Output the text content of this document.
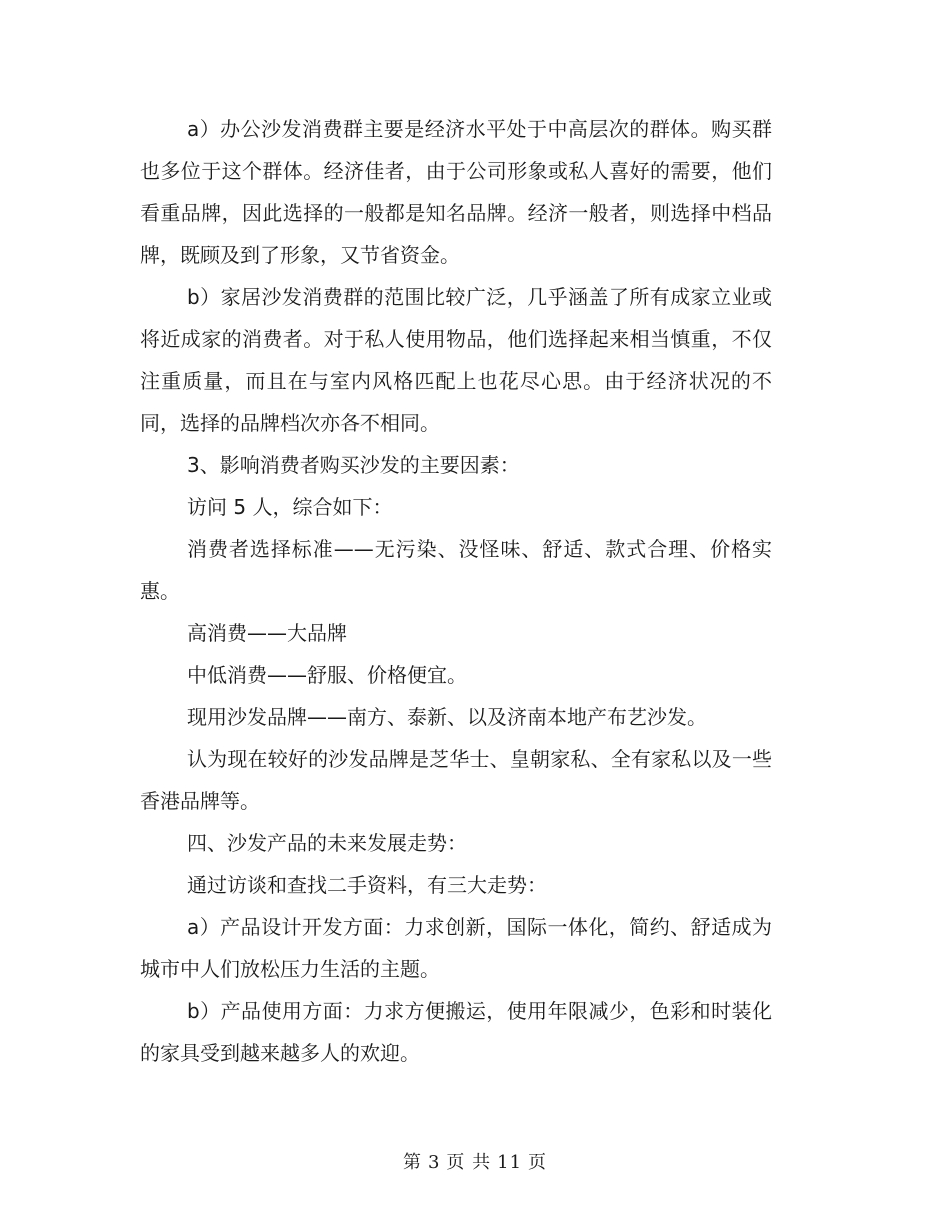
a）办公沙发消费群主要是经济水平处于中高层次的群体。购买群也多位于这个群体。经济佳者，由于公司形象或私人喜好的需要，他们看重品牌，因此选择的一般都是知名品牌。经济一般者，则选择中档品牌，既顾及到了形象，又节省资金。

b）家居沙发消费群的范围比较广泛，几乎涵盖了所有成家立业或将近成家的消费者。对于私人使用物品，他们选择起来相当慎重，不仅注重质量，而且在与室内风格匹配上也花尽心思。由于经济状况的不同，选择的品牌档次亦各不相同。

3、影响消费者购买沙发的主要因素：

访问 5 人，综合如下：

消费者选择标准——无污染、没怪味、舒适、款式合理、价格实惠。

高消费——大品牌

中低消费——舒服、价格便宜。

现用沙发品牌——南方、泰新、以及济南本地产布艺沙发。

认为现在较好的沙发品牌是芝华士、皇朝家私、全有家私以及一些香港品牌等。

四、沙发产品的未来发展走势：

通过访谈和查找二手资料，有三大走势：

a）产品设计开发方面：力求创新，国际一体化，简约、舒适成为城市中人们放松压力生活的主题。

b）产品使用方面：力求方便搬运，使用年限减少，色彩和时装化的家具受到越来越多人的欢迎。

第 3 页 共 11 页
